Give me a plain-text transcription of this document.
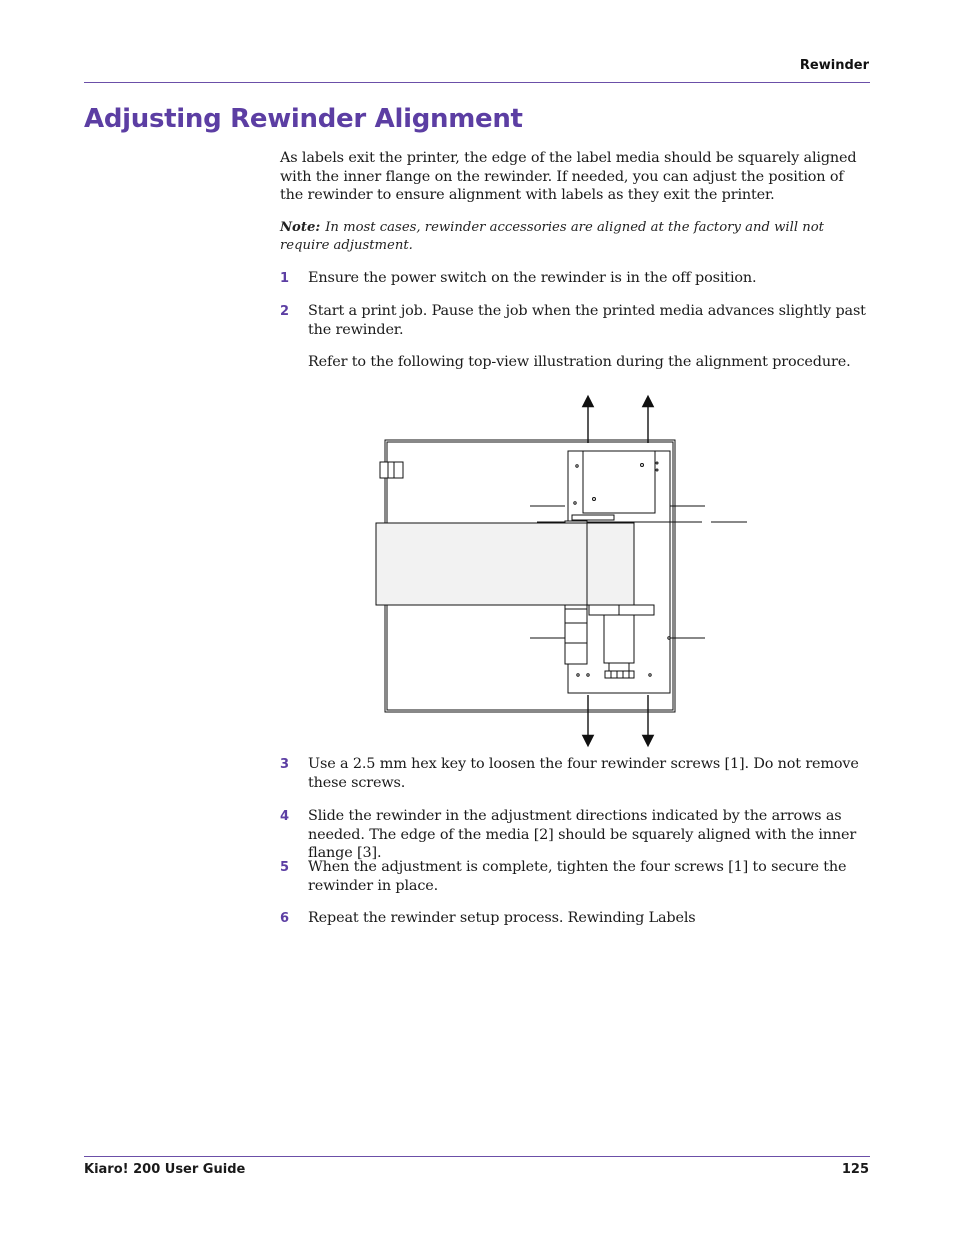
Rewinder
Adjusting Rewinder Alignment

As labels exit the printer, the edge of the label media should be squarely aligned with the inner flange on the rewinder. If needed, you can adjust the position of the rewinder to ensure alignment with labels as they exit the printer.

Note: In most cases, rewinder accessories are aligned at the factory and will not require adjustment.

1 Ensure the power switch on the rewinder is in the off position.
2 Start a print job. Pause the job when the printed media advances slightly past the rewinder.

Refer to the following top-view illustration during the alignment procedure.

3 Use a 2.5 mm hex key to loosen the four rewinder screws [1]. Do not remove these screws.
4 Slide the rewinder in the adjustment directions indicated by the arrows as needed. The edge of the media [2] should be squarely aligned with the inner flange [3].
5 When the adjustment is complete, tighten the four screws [1] to secure the rewinder in place.
6 Repeat the rewinder setup process. Rewinding Labels
Kiaro! 200 User Guide	125
